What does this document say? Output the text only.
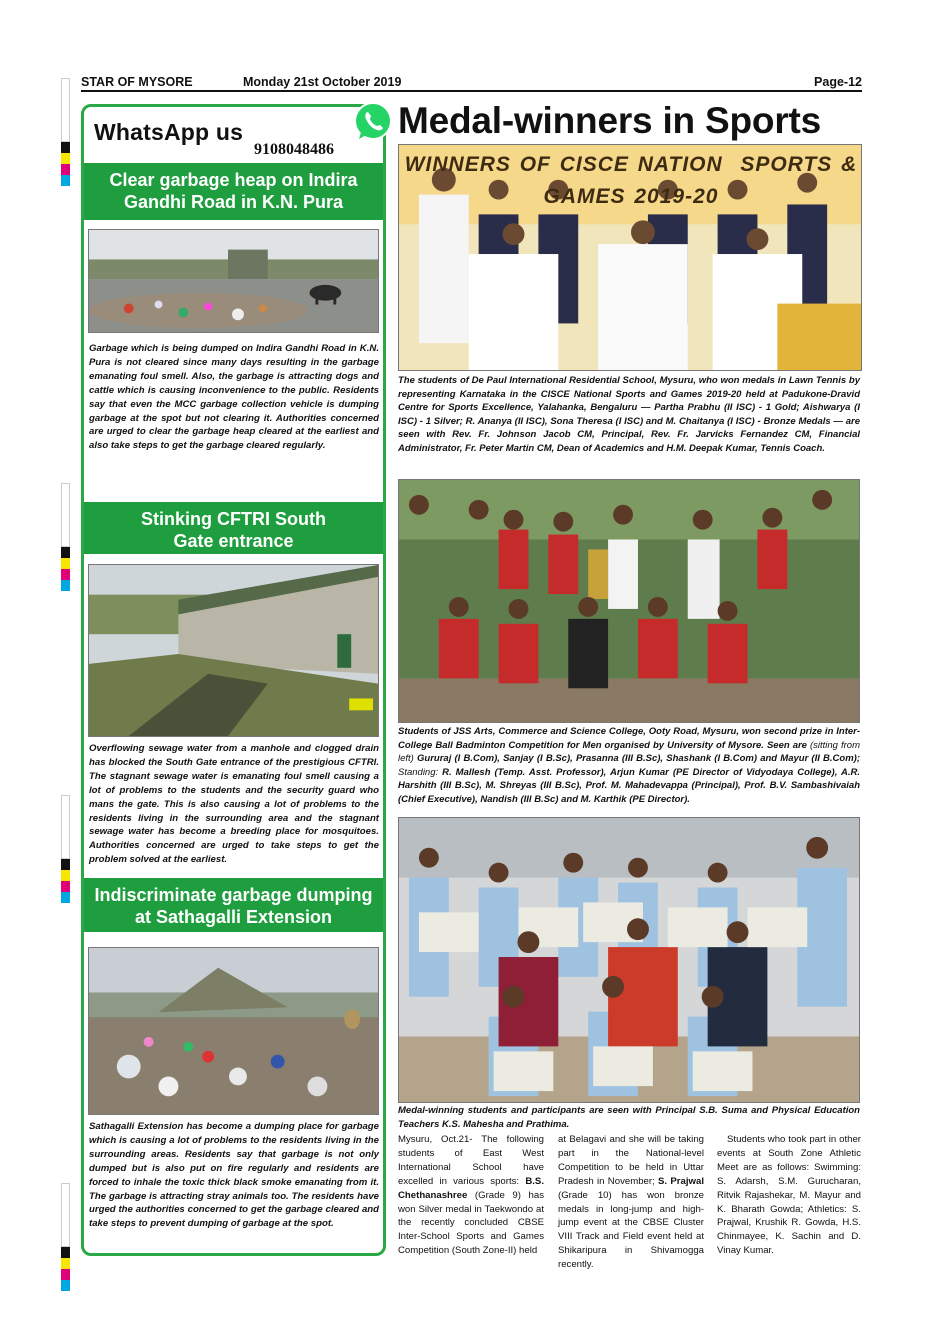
STAR OF MYSORE	Monday 21st October 2019	Page-12
WhatsApp us
9108048486
Clear garbage heap on Indira
Gandhi Road in K.N. Pura
Garbage which is being dumped on Indira Gandhi Road in K.N. Pura is not cleared since many days resulting in the garbage emanating foul smell. Also, the garbage is attracting dogs and cattle which is causing inconvenience to the public. Residents say that even the MCC garbage collection vehicle is dumping garbage at the spot but not clearing it. Authorities concerned are urged to clear the garbage heap cleared at the earliest and also take steps to get the garbage cleared regularly.
Stinking CFTRI South
Gate entrance
Overflowing sewage water from a manhole and clogged drain has blocked the South Gate entrance of the prestigious CFTRI. The stagnant sewage water is emanating foul smell causing a lot of problems to the students and the security guard who mans the gate. This is also causing a lot of problems to the residents living in the surrounding area and the stagnant sewage water has become a breeding place for mosquitoes. Authorities concerned are urged to take steps to get the problem solved at the earliest.
Indiscriminate garbage dumping
at Sathagalli Extension
Sathagalli Extension has become a dumping place for garbage which is causing a lot of problems to the residents living in the surrounding areas. Residents say that garbage is not only dumped but is also put on fire regularly and residents are forced to inhale the toxic thick black smoke emanating from it. The garbage is attracting stray animals too. The residents have urged the authorities concerned to get the garbage cleared and take steps to prevent dumping of garbage at the spot.
Medal-winners in Sports
WINNERS OF CISCE NATION  SPORTS & GAMES 2019-20
The students of De Paul International Residential School, Mysuru, who won medals in Lawn Tennis by representing Karnataka in the CISCE National Sports and Games 2019-20 held at Padukone-Dravid Centre for Sports Excellence, Yalahanka, Bengaluru — Partha Prabhu (II ISC) - 1 Gold; Aishwarya (I ISC) - 1 Silver; R. Ananya (II ISC), Sona Theresa (I ISC) and M. Chaitanya (I ISC) - Bronze Medals — are seen with Rev. Fr. Johnson Jacob CM, Principal, Rev. Fr. Jarvicks Fernandez CM, Financial Administrator, Fr. Peter Martin CM, Dean of Academics and H.M. Deepak Kumar, Tennis Coach.
Students of JSS Arts, Commerce and Science College, Ooty Road, Mysuru, won second prize in Inter-College Ball Badminton Competition for Men organised by University of Mysore. Seen are (sitting from left) Gururaj (I B.Com), Sanjay (I B.Sc), Prasanna (III B.Sc), Shashank (I B.Com) and Mayur (II B.Com); Standing: R. Mallesh (Temp. Asst. Professor), Arjun Kumar (PE Director of Vidyodaya College), A.R. Harshith (III B.Sc), M. Shreyas (III B.Sc), Prof. M. Mahadevappa (Principal), Prof. B.V. Sambashivaiah (Chief Executive), Nandish (III B.Sc) and M. Karthik (PE Director).
Medal-winning students and participants are seen with Principal S.B. Suma and Physical Education Teachers K.S. Mahesha and Prathima.
Mysuru, Oct.21- The following students of East West International School have excelled in various sports: B.S. Chethanashree (Grade 9) has won Silver medal in Taekwondo at the recently concluded CBSE Inter-School Sports and Games Competition (South Zone-II) held
at Belagavi and she will be taking part in the National-level Competition to be held in Uttar Pradesh in November; S. Prajwal (Grade 10) has won bronze medals in long-jump and high-jump event at the CBSE Cluster VIII Track and Field event held at Shikaripura in Shivamogga recently.
Students who took part in other events at South Zone Athletic Meet are as follows: Swimming: S. Adarsh, S.M. Gurucharan, Ritvik Rajashekar, M. Mayur and K. Bharath Gowda; Athletics: S. Prajwal, Krushik R. Gowda, H.S. Chinmayee, K. Sachin and D. Vinay Kumar.
